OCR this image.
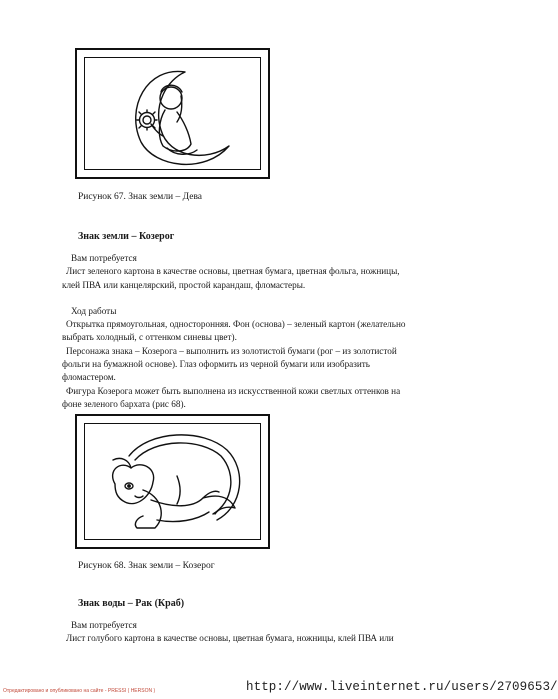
Рисунок 67. Знак земли – Дева
Знак земли – Козерог

Вам потребуется

Лист зеленого картона в качестве основы, цветная бумага, цветная фольга, ножницы,

клей ПВА или канцелярский, простой карандаш, фломастеры.

Ход работы

Открытка прямоугольная, односторонняя. Фон (основа) – зеленый картон (желательно

выбрать холодный, с оттенком синевы цвет).

Персонажа знака – Козерога – выполнить из золотистой бумаги (рог – из золотистой

фольги на бумажной основе). Глаз оформить из черной бумаги или изобразить

фломастером.

Фигура Козерога может быть выполнена из искусственной кожи светлых оттенков на

фоне зеленого бархата (рис 68).

Рисунок 68. Знак земли – Козерог
Знак воды – Рак (Краб)

Вам потребуется

Лист голубого картона в качестве основы, цветная бумага, ножницы, клей ПВА или

Отредактировано и опубликовано на сайте - PRESSI ( HERSON )	http://www.liveinternet.ru/users/2709653/
